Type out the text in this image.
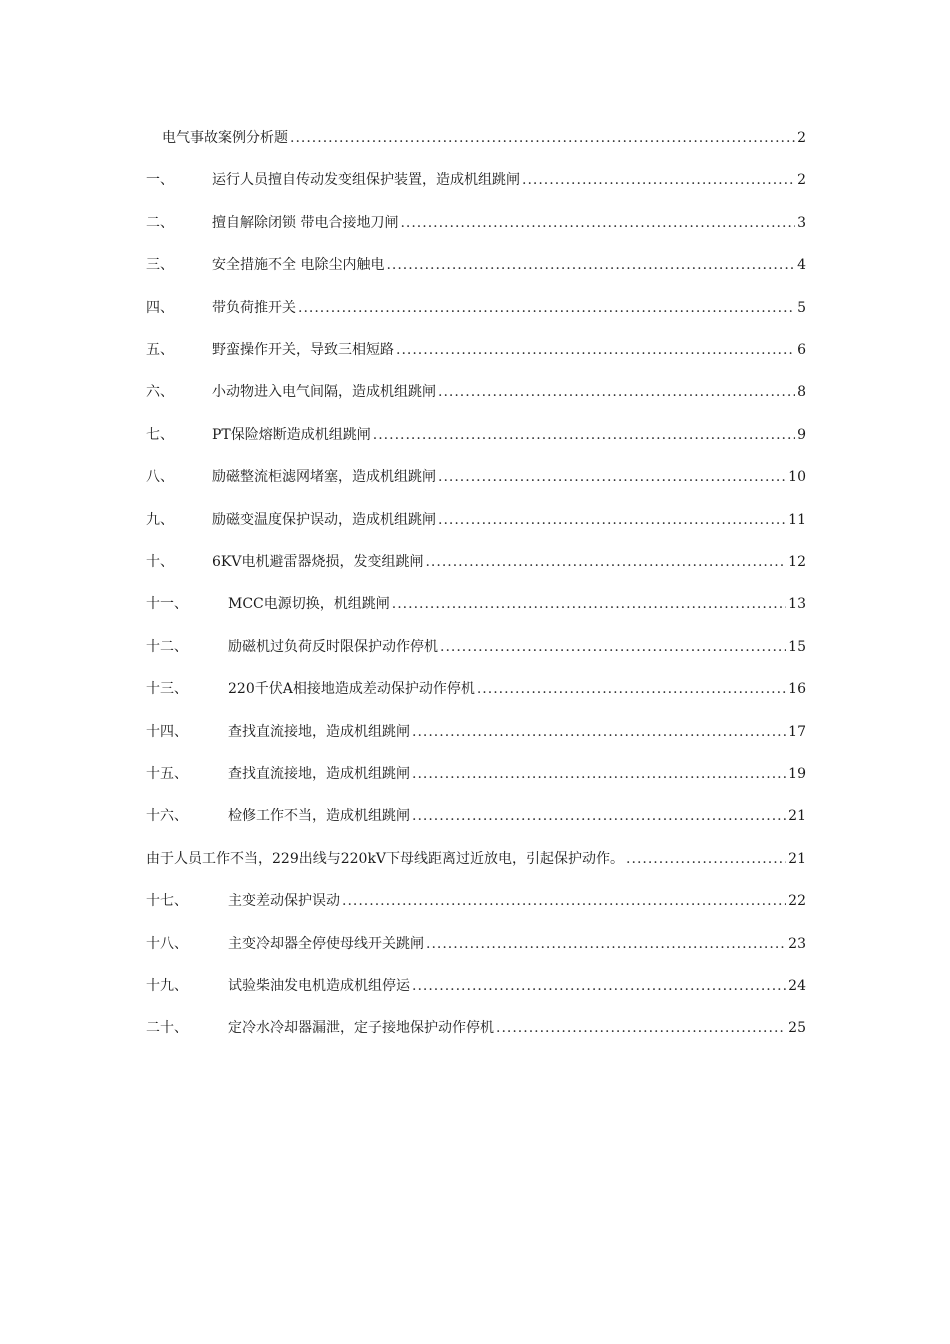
电气事故案例分析题 .....	2
一、	运行人员擅自传动发变组保护装置，造成机组跳闸 .....	2
二、	擅自解除闭锁 带电合接地刀闸 .....	3
三、	安全措施不全 电除尘内触电 .....	4
四、	带负荷推开关 .....	5
五、	野蛮操作开关，导致三相短路 .....	6
六、	小动物进入电气间隔，造成机组跳闸 .....	8
七、	PT保险熔断造成机组跳闸 .....	9
八、	励磁整流柜滤网堵塞，造成机组跳闸 .....	10
九、	励磁变温度保护误动，造成机组跳闸 .....	11
十、	6KV电机避雷器烧损，发变组跳闸 .....	12
十一、	MCC电源切换，机组跳闸 .....	13
十二、	励磁机过负荷反时限保护动作停机 .....	15
十三、	220千伏A相接地造成差动保护动作停机 .....	16
十四、	查找直流接地，造成机组跳闸 .....	17
十五、	查找直流接地，造成机组跳闸 .....	19
十六、	检修工作不当，造成机组跳闸 .....	21
由于人员工作不当，229出线与220kV下母线距离过近放电，引起保护动作。 .....	21
十七、	主变差动保护误动 .....	22
十八、	主变冷却器全停使母线开关跳闸 .....	23
十九、	试验柴油发电机造成机组停运 .....	24
二十、	定冷水冷却器漏泄，定子接地保护动作停机 .....	25
